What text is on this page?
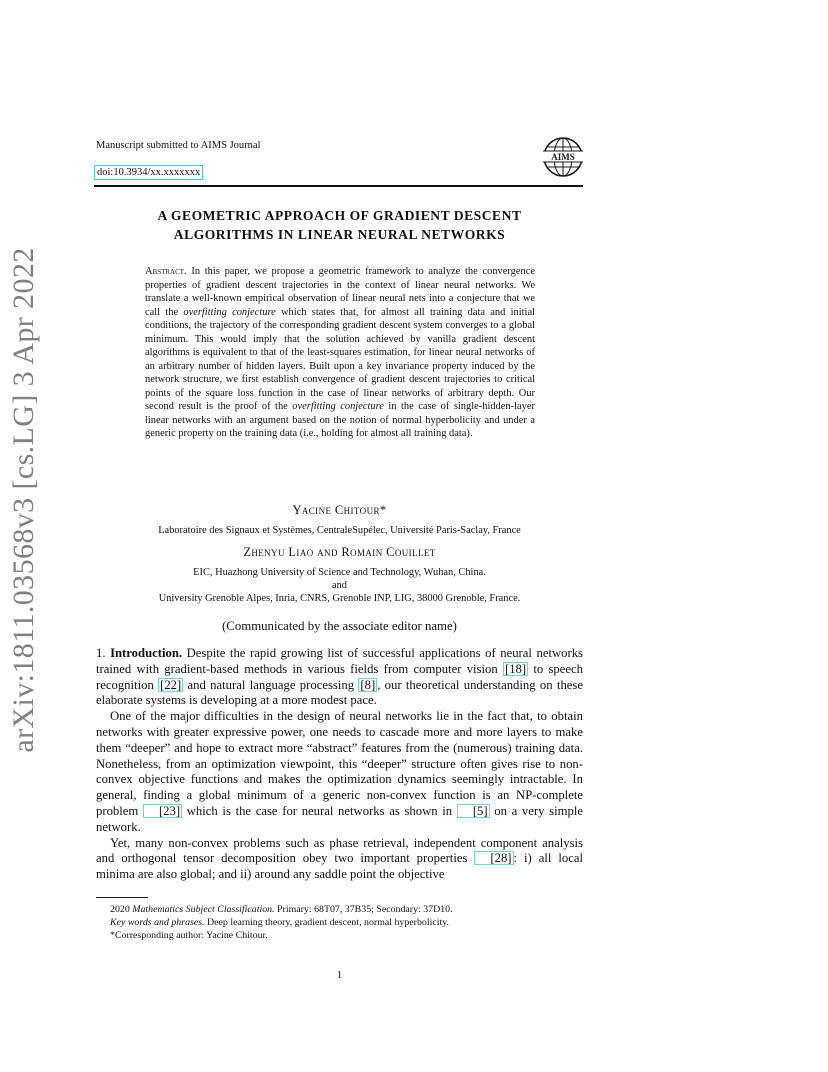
arXiv:1811.03568v3 [cs.LG] 3 Apr 2022
Manuscript submitted to AIMS Journal
doi:10.3934/xx.xxxxxxx
AIMS
A GEOMETRIC APPROACH OF GRADIENT DESCENT
ALGORITHMS IN LINEAR NEURAL NETWORKS
Abstract. In this paper, we propose a geometric framework to analyze the convergence properties of gradient descent trajectories in the context of linear neural networks. We translate a well-known empirical observation of linear neural nets into a conjecture that we call the overfitting conjecture which states that, for almost all training data and initial conditions, the trajectory of the corresponding gradient descent system converges to a global minimum. This would imply that the solution achieved by vanilla gradient descent algorithms is equivalent to that of the least-squares estimation, for linear neural networks of an arbitrary number of hidden layers. Built upon a key invariance property induced by the network structure, we first establish convergence of gradient descent trajectories to critical points of the square loss function in the case of linear networks of arbitrary depth. Our second result is the proof of the overfitting conjecture in the case of single-hidden-layer linear networks with an argument based on the notion of normal hyperbolicity and under a generic property on the training data (i.e., holding for almost all training data).
Yacine Chitour*
Laboratoire des Signaux et Systèmes, CentraleSupélec, Université Paris-Saclay, France
Zhenyu Liao and Romain Couillet
EIC, Huazhong University of Science and Technology, Wuhan, China.
and
University Grenoble Alpes, Inria, CNRS, Grenoble INP, LIG, 38000 Grenoble, France.
(Communicated by the associate editor name)

1. Introduction. Despite the rapid growing list of successful applications of neural networks trained with gradient-based methods in various fields from computer vision [18] to speech recognition [22] and natural language processing [8] , our theoretical understanding on these elaborate systems is developing at a more modest pace.

One of the major difficulties in the design of neural networks lie in the fact that, to obtain networks with greater expressive power, one needs to cascade more and more layers to make them “deeper” and hope to extract more “abstract” features from the (numerous) training data. Nonetheless, from an optimization viewpoint, this “deeper” structure often gives rise to non-convex objective functions and makes the optimization dynamics seemingly intractable. In general, finding a global minimum of a generic non-convex function is an NP-complete problem [23] which is the case for neural networks as shown in [5] on a very simple network.

Yet, many non-convex problems such as phase retrieval, independent component analysis and orthogonal tensor decomposition obey two important properties [28] : i) all local minima are also global; and ii) around any saddle point the objective

2020 Mathematics Subject Classification. Primary: 68T07, 37B35; Secondary: 37D10.
Key words and phrases. Deep learning theory, gradient descent, normal hyperbolicity.
*Corresponding author: Yacine Chitour.
1
